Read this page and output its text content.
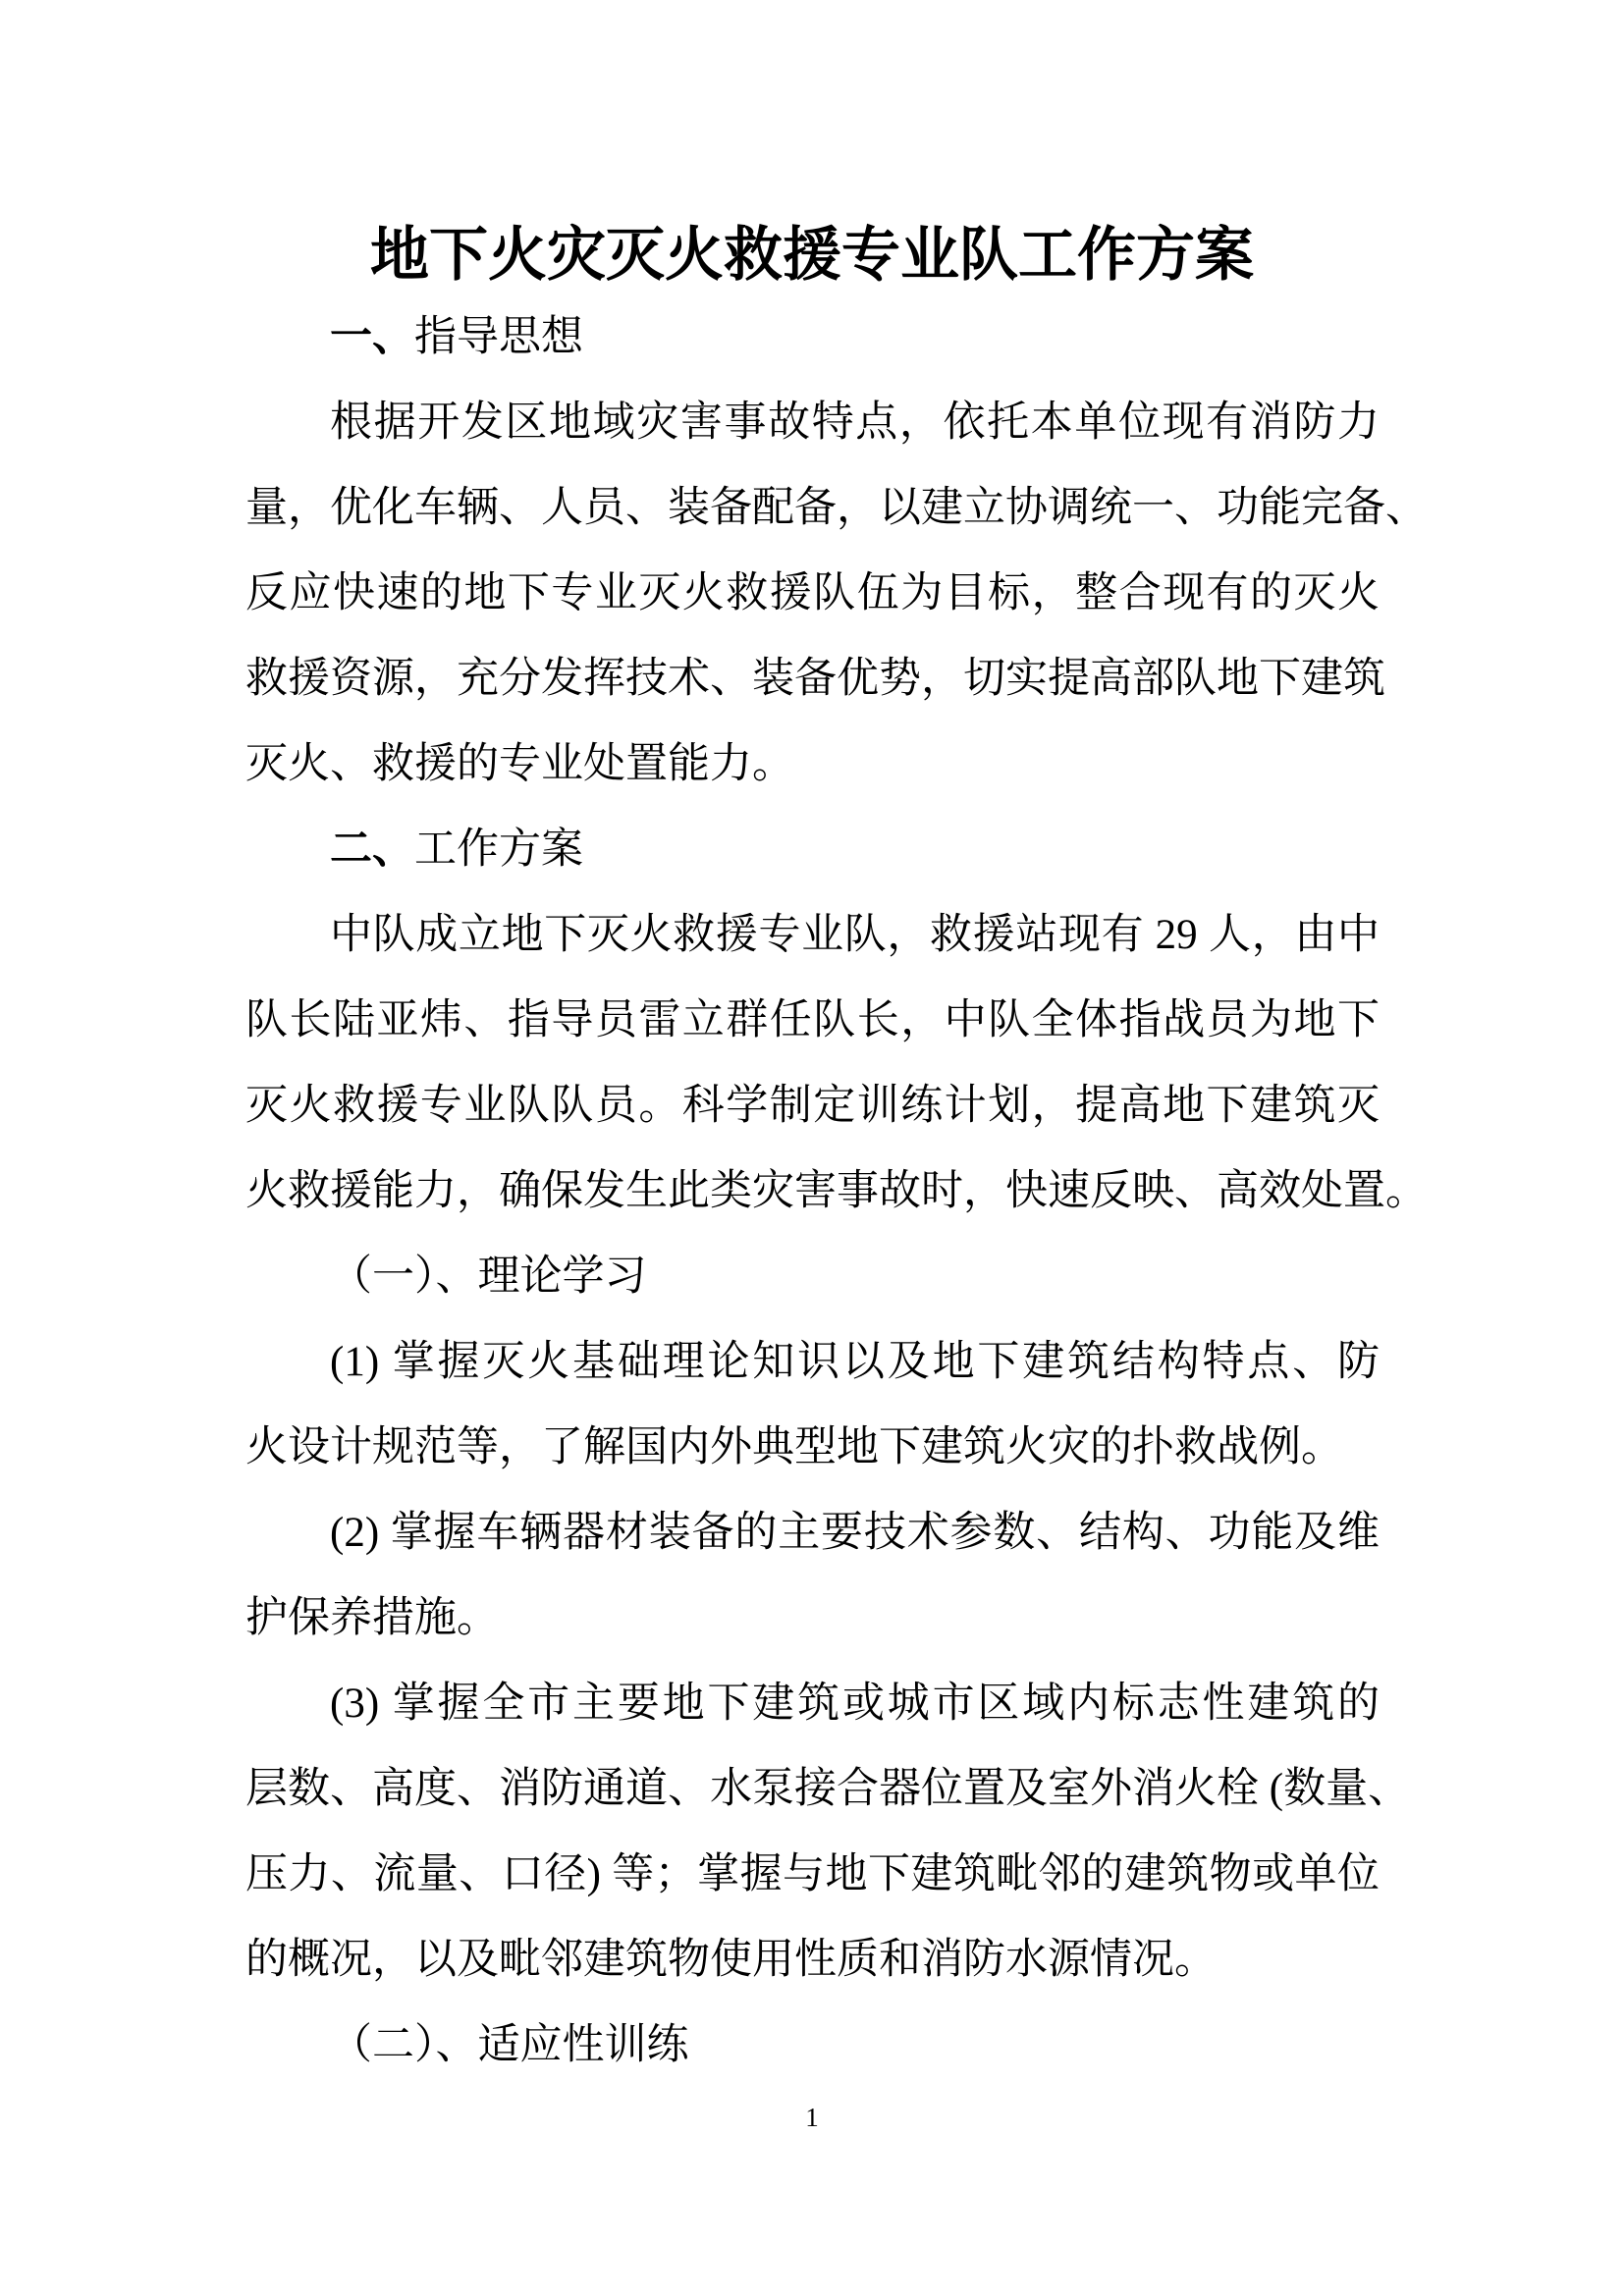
地下火灾灭火救援专业队工作方案
一、指导思想
根据开发区地域灾害事故特点，依托本单位现有消防力
量，优化车辆、人员、装备配备，以建立协调统一、功能完备、
反应快速的地下专业灭火救援队伍为目标，整合现有的灭火
救援资源，充分发挥技术、装备优势，切实提高部队地下建筑
灭火、救援的专业处置能力。
二、工作方案
中队成立地下灭火救援专业队，救援站现有 29 人，由中
队长陆亚炜、指导员雷立群任队长，中队全体指战员为地下
灭火救援专业队队员。科学制定训练计划，提高地下建筑灭
火救援能力，确保发生此类灾害事故时，快速反映、高效处置。
（一）、理论学习
(1) 掌握灭火基础理论知识以及地下建筑结构特点、防
火设计规范等，了解国内外典型地下建筑火灾的扑救战例。
(2) 掌握车辆器材装备的主要技术参数、结构、功能及维
护保养措施。
(3) 掌握全市主要地下建筑或城市区域内标志性建筑的
层数、高度、消防通道、水泵接合器位置及室外消火栓 (数量、
压力、流量、口径) 等；掌握与地下建筑毗邻的建筑物或单位
的概况，以及毗邻建筑物使用性质和消防水源情况。
（二）、适应性训练
1
